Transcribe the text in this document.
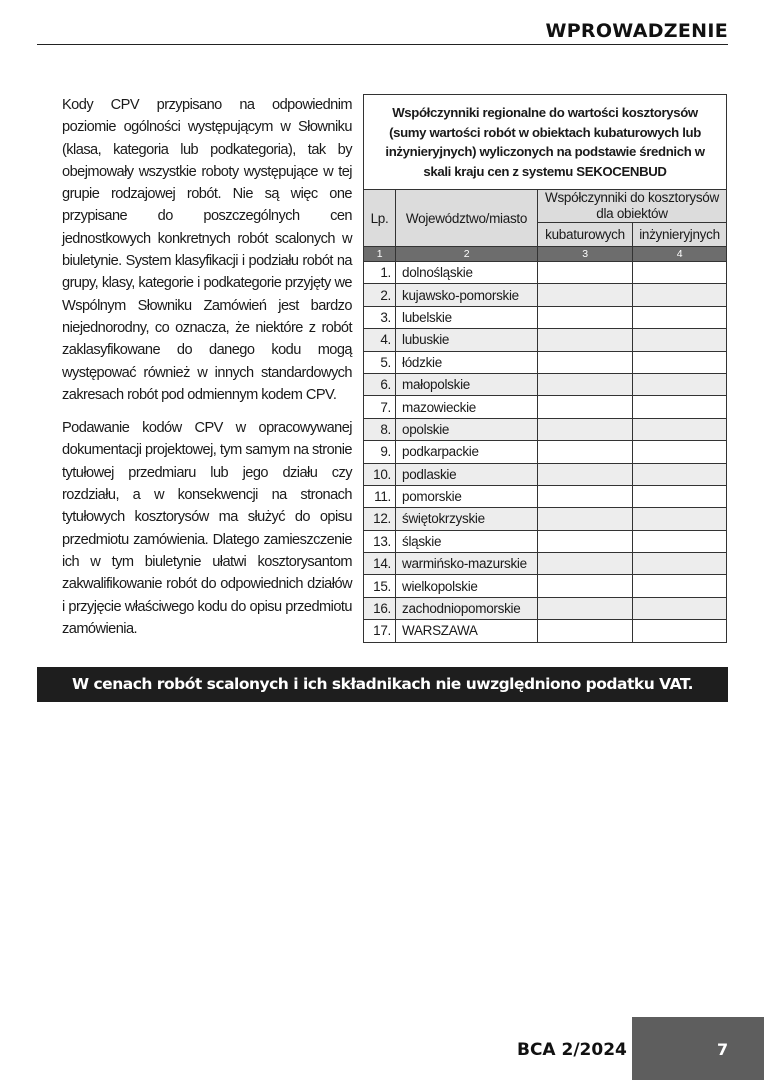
WPROWADZENIE

Kody CPV przypisano na odpowiednim poziomie ogólności występującym w Słowniku (klasa, kategoria lub podkategoria), tak by obejmowały wszystkie roboty występujące w tej grupie rodzajowej robót. Nie są więc one przypisane do poszczególnych cen jednostkowych konkretnych robót scalonych w biuletynie. System klasyfikacji i podziału robót na grupy, klasy, kategorie i podkategorie przyjęty we Wspólnym Słowniku Zamówień jest bardzo niejednorodny, co oznacza, że niektóre z robót zaklasyfikowane do danego kodu mogą występować również w innych standardowych zakresach robót pod odmiennym kodem CPV.

Podawanie kodów CPV w opracowywanej dokumentacji projektowej, tym samym na stronie tytułowej przedmiaru lub jego działu czy rozdziału, a w konsekwencji na stronach tytułowych kosztorysów ma służyć do opisu przedmiotu zamówienia. Dlatego zamieszczenie ich w tym biuletynie ułatwi kosztorysantom zakwalifikowanie robót do odpowiednich działów i przyjęcie właściwego kodu do opisu przedmiotu zamówienia.

Współczynniki regionalne do wartości kosztorysów (sumy wartości robót w obiektach kubaturowych lub inżynieryjnych) wyliczonych na podstawie średnich w skali kraju cen z systemu SEKOCENBUD			
Lp.	Województwo/miasto	Współczynniki do kosztorysów dla obiektów	
		kubaturowych	inżynieryjnych
1	2	3	4
1.	dolnośląskie		
2.	kujawsko-pomorskie		
3.	lubelskie		
4.	lubuskie		
5.	łódzkie		
6.	małopolskie		
7.	mazowieckie		
8.	opolskie		
9.	podkarpackie		
10.	podlaskie		
11.	pomorskie		
12.	świętokrzyskie		
13.	śląskie		
14.	warmińsko-mazurskie		
15.	wielkopolskie		
16.	zachodniopomorskie		
17.	WARSZAWA		
W cenach robót scalonych i ich składnikach nie uwzględniono podatku VAT.
BCA 2/2024	7
